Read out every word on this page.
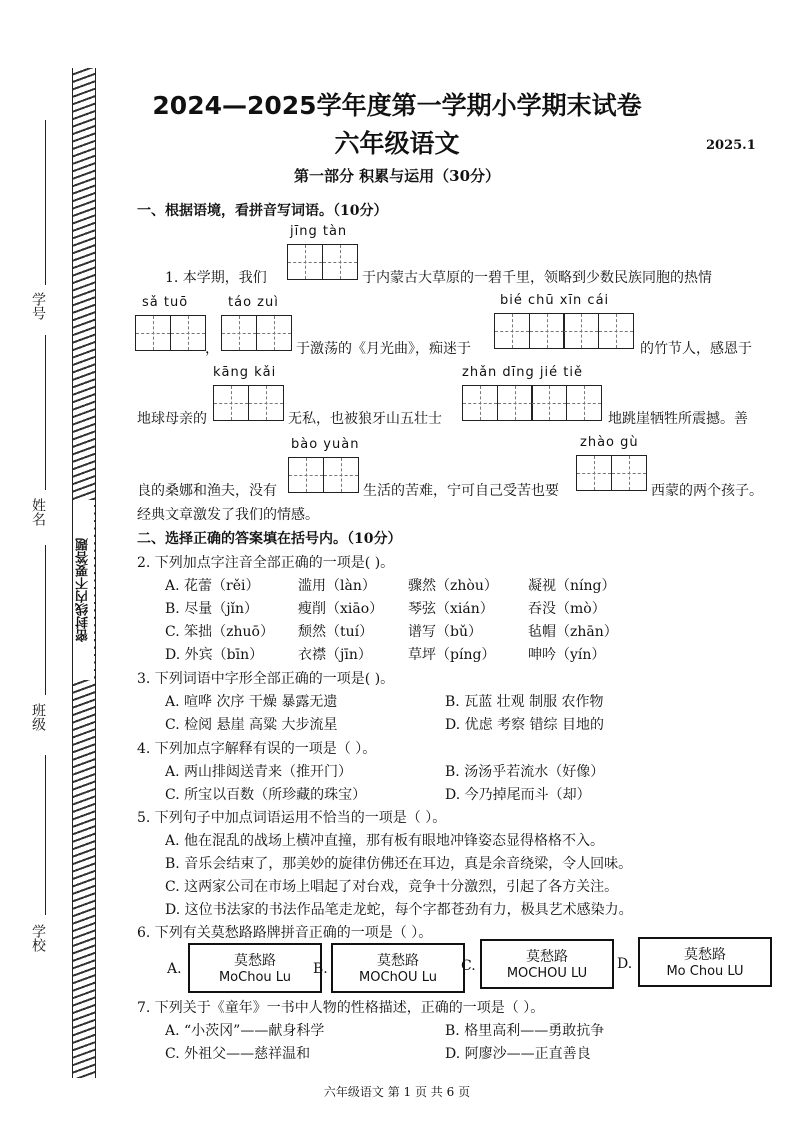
密封线内不要答题
学号
姓名
班级
学校
2024—2025学年度第一学期小学期末试卷
六年级语文	2025.1
第一部分 积累与运用（30分）
一、根据语境，看拼音写词语。（10分）
jīng tàn
1. 本学期，我们	于内蒙古大草原的一碧千里，领略到少数民族同胞的热情
sǎ tuō	táo zuì	bié chū xīn cái
，	于激荡的《月光曲》，痴迷于	的竹节人，感恩于
kāng kǎi	zhǎn dīng jié tiě
地球母亲的	无私，也被狼牙山五壮士	地跳崖牺牲所震撼。善
bào yuàn	zhào gù
良的桑娜和渔夫，没有	生活的苦难，宁可自己受苦也要	西蒙的两个孩子。
经典文章激发了我们的情感。
二、选择正确的答案填在括号内。（10分）
2. 下列加点字注音全部正确的一项是( )。
A. 花蕾（rěi）	滥用（làn） 骤然（zhòu） 凝视（níng）
B. 尽量（jǐn）	瘦削（xiāo） 琴弦（xián） 吞没（mò）
C. 笨拙（zhuō） 颓然（tuí） 谱写（bǔ）	毡帽（zhān）
D. 外宾（bīn） 衣襟（jīn）	草坪（píng） 呻吟（yín）
3. 下列词语中字形全部正确的一项是( )。
A. 喧哗 次序 干燥 暴露无遗	B. 瓦蓝 壮观 制服 农作物
C. 检阅 悬崖 高粱 大步流星	D. 优虑 考察 错综 目地的
4. 下列加点字解释有误的一项是（ ）。
A. 两山排闼送青来（推开门）	B. 汤汤乎若流水（好像）
C. 所宝以百数（所珍藏的珠宝）	D. 今乃掉尾而斗（却）
5. 下列句子中加点词语运用不恰当的一项是（ ）。
A. 他在混乱的战场上横冲直撞，那有板有眼地冲锋姿态显得格格不入。
B. 音乐会结束了，那美妙的旋律仿佛还在耳边，真是余音绕梁，令人回味。
C. 这两家公司在市场上唱起了对台戏，竞争十分激烈，引起了各方关注。
D. 这位书法家的书法作品笔走龙蛇，每个字都苍劲有力，极具艺术感染力。
6. 下列有关莫愁路路牌拼音正确的一项是（ ）。
A.	莫愁路
MoChou Lu
B.	莫愁路
MOChOU Lu
C.
莫愁路
MOCHOU LU
D.
莫愁路
Mo Chou LU
7. 下列关于《童年》一书中人物的性格描述，正确的一项是（ ）。
A. “小茨冈”——献身科学	B. 格里高利——勇敢抗争
C. 外祖父——慈祥温和	D. 阿廖沙——正直善良
六年级语文 第 1 页 共 6 页
